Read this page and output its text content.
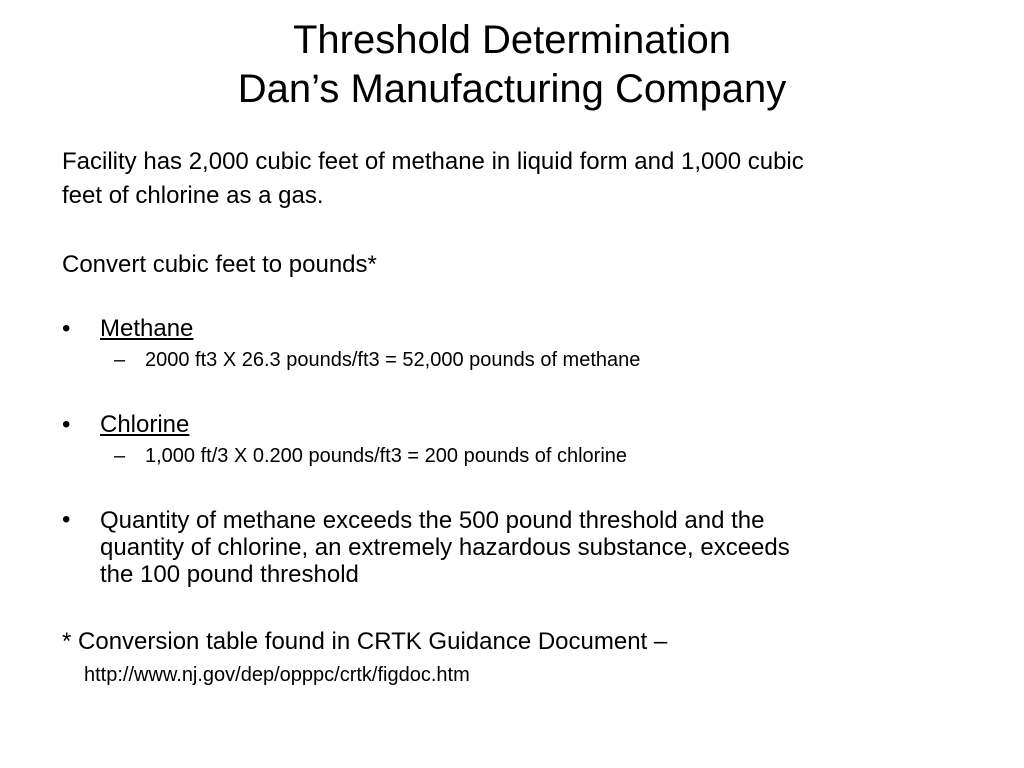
Threshold Determination
Dan’s Manufacturing Company
Facility has 2,000 cubic feet of methane in liquid form and 1,000 cubic
feet of chlorine as a gas.
Convert cubic feet to pounds*
•	Methane
– 2000 ft3 X 26.3 pounds/ft3 = 52,000 pounds of methane
•	Chlorine
– 1,000 ft/3 X 0.200 pounds/ft3 = 200 pounds of chlorine
•	Quantity of methane exceeds the 500 pound threshold and the
quantity of chlorine, an extremely hazardous substance, exceeds
the 100 pound threshold
* Conversion table found in CRTK Guidance Document –
http://www.nj.gov/dep/opppc/crtk/figdoc.htm
